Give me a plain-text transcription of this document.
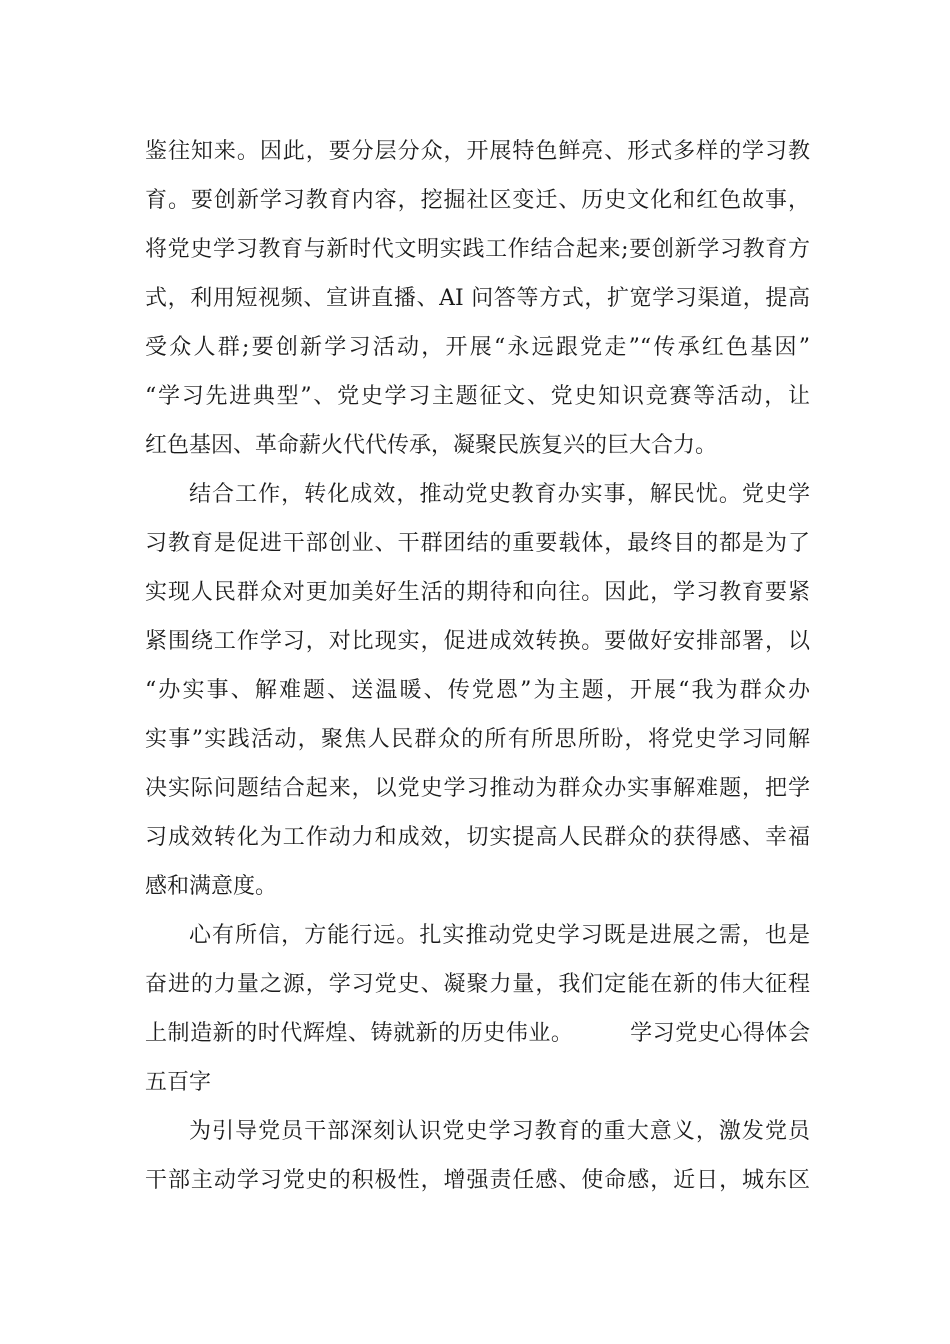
鉴往知来。因此，要分层分众，开展特色鲜亮、形式多样的学习教
育。要创新学习教育内容，挖掘社区变迁、历史文化和红色故事，
将党史学习教育与新时代文明实践工作结合起来;要创新学习教育方
式，利用短视频、宣讲直播、AI 问答等方式，扩宽学习渠道，提高
受众人群;要创新学习活动，开展“永远跟党走”“传承红色基因”
“学习先进典型”、党史学习主题征文、党史知识竞赛等活动，让
红色基因、革命薪火代代传承，凝聚民族复兴的巨大合力。
结合工作，转化成效，推动党史教育办实事，解民忧。党史学
习教育是促进干部创业、干群团结的重要载体，最终目的都是为了
实现人民群众对更加美好生活的期待和向往。因此，学习教育要紧
紧围绕工作学习，对比现实，促进成效转换。要做好安排部署，以
“办实事、解难题、送温暖、传党恩”为主题，开展“我为群众办
实事”实践活动，聚焦人民群众的所有所思所盼，将党史学习同解
决实际问题结合起来，以党史学习推动为群众办实事解难题，把学
习成效转化为工作动力和成效，切实提高人民群众的获得感、幸福
感和满意度。
心有所信，方能行远。扎实推动党史学习既是进展之需，也是
奋进的力量之源，学习党史、凝聚力量，我们定能在新的伟大征程
上制造新的时代辉煌、铸就新的历史伟业。　　　学习党史心得体会
五百字
为引导党员干部深刻认识党史学习教育的重大意义，激发党员
干部主动学习党史的积极性，增强责任感、使命感，近日，城东区
